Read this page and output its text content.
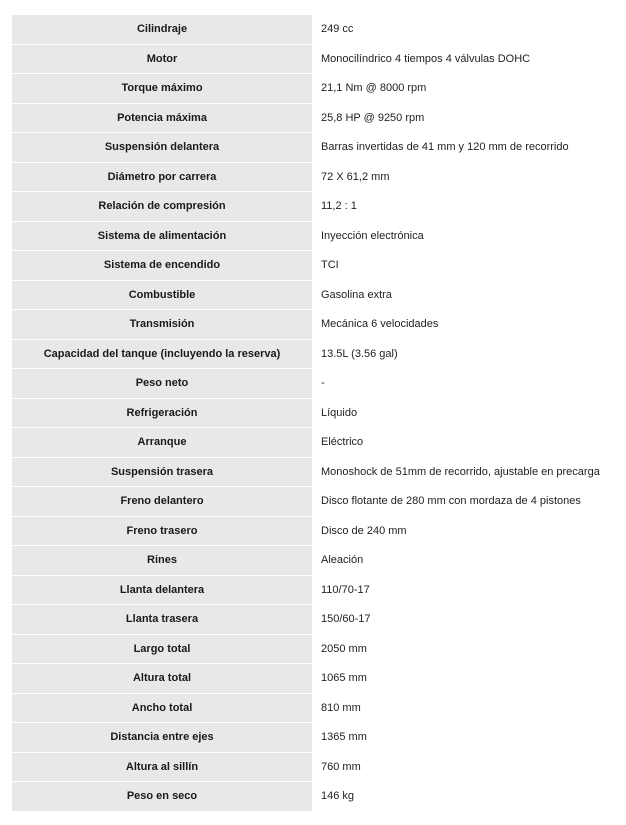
Cilindraje	249 cc
Motor	Monocilíndrico 4 tiempos 4 válvulas DOHC
Torque máximo	21,1 Nm @ 8000 rpm
Potencia máxima	25,8 HP @ 9250 rpm
Suspensión delantera	Barras invertidas de 41 mm y 120 mm de recorrido
Diámetro por carrera	72 X 61,2 mm
Relación de compresión	11,2 : 1
Sistema de alimentación	Inyección electrónica
Sistema de encendido	TCI
Combustible	Gasolina extra
Transmisión	Mecánica 6 velocidades
Capacidad del tanque (incluyendo la reserva)	13.5L (3.56 gal)
Peso neto	-
Refrigeración	Líquido
Arranque	Eléctrico
Suspensión trasera	Monoshock de 51mm de recorrido, ajustable en precarga
Freno delantero	Disco flotante de 280 mm con mordaza de 4 pistones
Freno trasero	Disco de 240 mm
Rines	Aleación
Llanta delantera	110/70-17
Llanta trasera	150/60-17
Largo total	2050 mm
Altura total	1065 mm
Ancho total	810 mm
Distancia entre ejes	1365 mm
Altura al sillín	760 mm
Peso en seco	146 kg
